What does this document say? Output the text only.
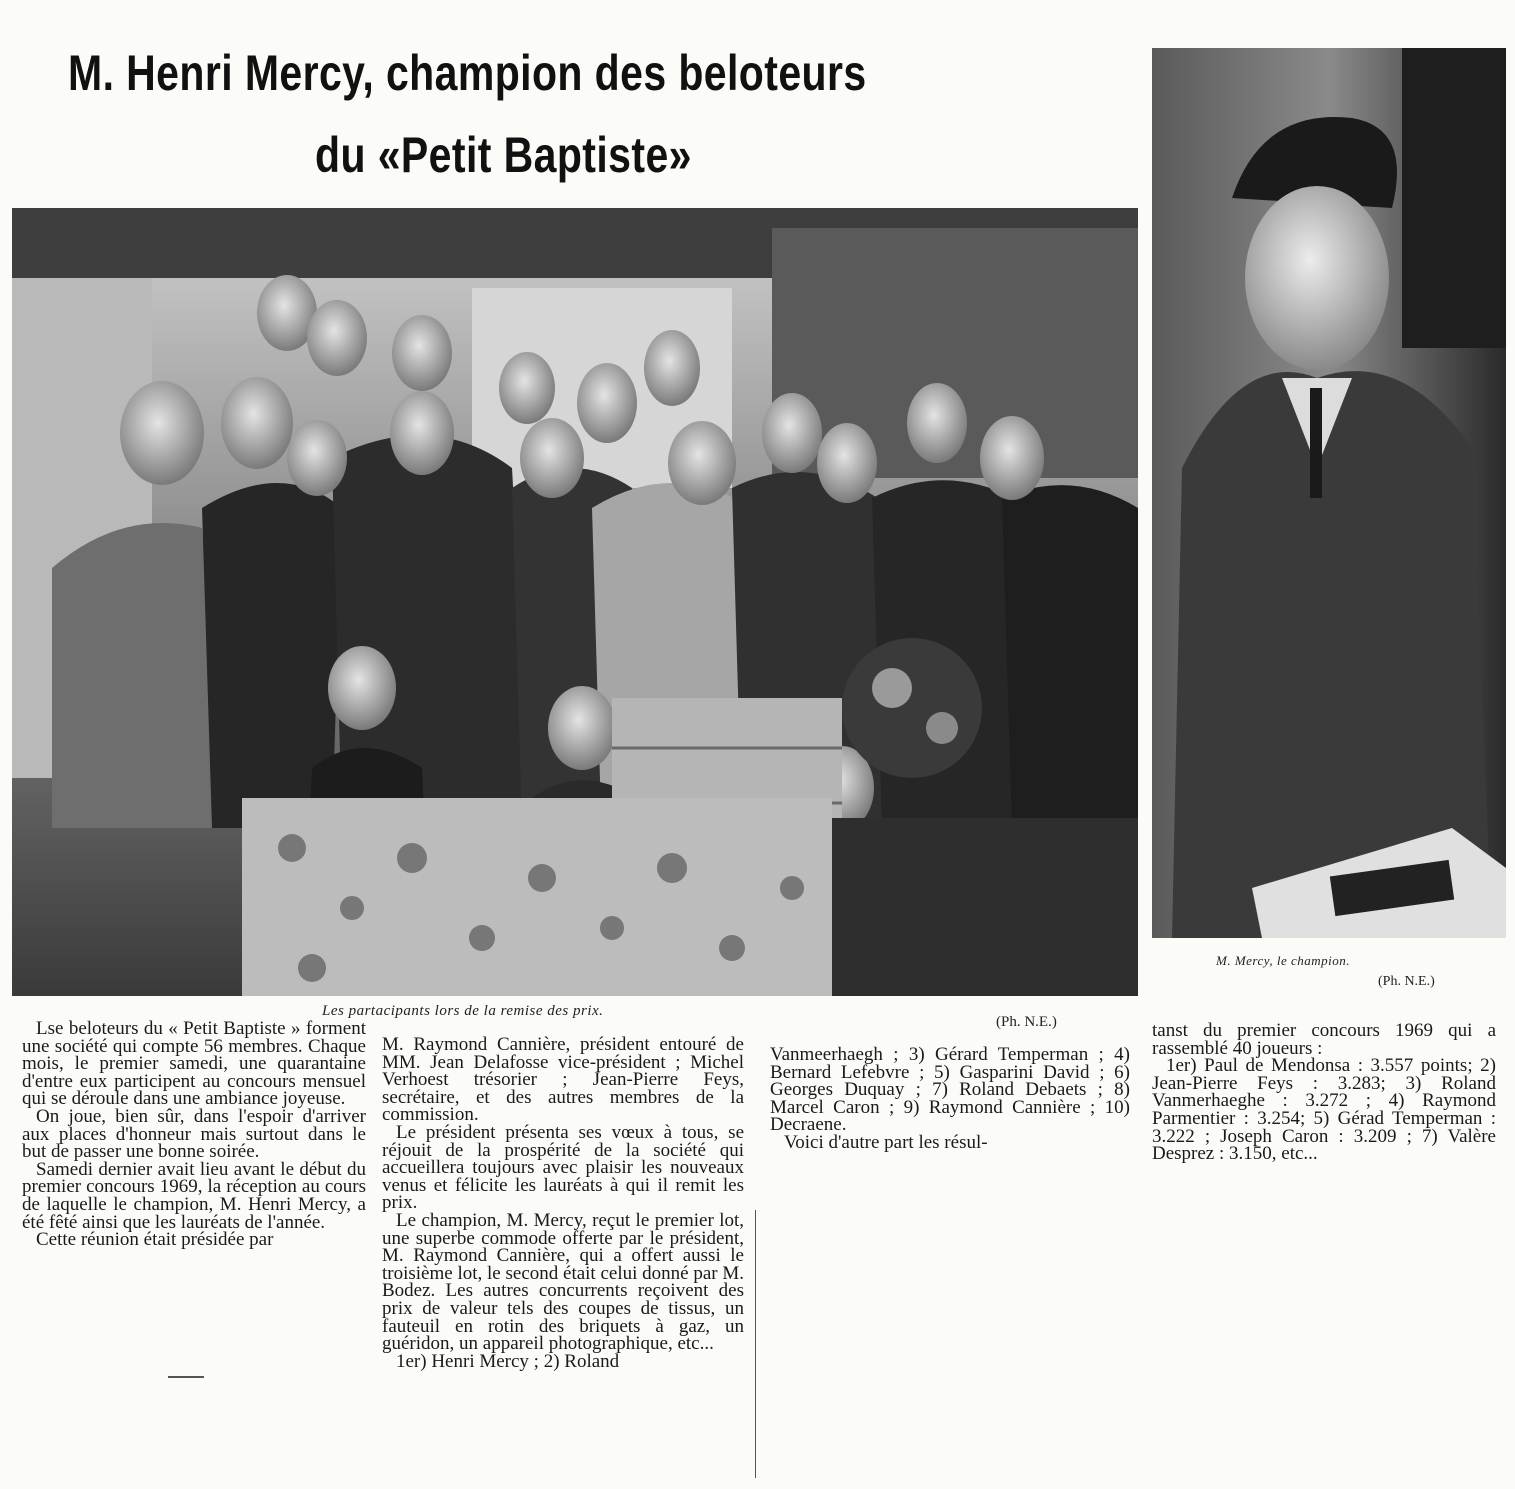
M. Henri Mercy, champion des beloteurs
du «Petit Baptiste»
Les partacipants lors de la remise des prix.
(Ph. N.E.)
M. Mercy, le champion.
(Ph. N.E.)

Lse beloteurs du « Petit Baptiste » forment une société qui compte 56 membres. Chaque mois, le premier samedi, une quarantaine d'entre eux participent au concours mensuel qui se déroule dans une ambiance joyeuse.

On joue, bien sûr, dans l'espoir d'arriver aux places d'honneur mais surtout dans le but de passer une bonne soirée.

Samedi dernier avait lieu avant le début du premier concours 1969, la réception au cours de laquelle le champion, M. Henri Mercy, a été fêté ainsi que les lauréats de l'année.

Cette réunion était présidée par

M. Raymond Cannière, président entouré de MM. Jean Delafosse vice-président ; Michel Verhoest trésorier ; Jean-Pierre Feys, secrétaire, et des autres membres de la commission.

Le président présenta ses vœux à tous, se réjouit de la prospérité de la société qui accueillera toujours avec plaisir les nouveaux venus et félicite les lauréats à qui il remit les prix.

Le champion, M. Mercy, reçut le premier lot, une superbe commode offerte par le président, M. Raymond Cannière, qui a offert aussi le troisième lot, le second était celui donné par M. Bodez. Les autres concurrents reçoivent des prix de valeur tels des coupes de tissus, un fauteuil en rotin des briquets à gaz, un guéridon, un appareil photographique, etc...

1er) Henri Mercy ; 2) Roland

Vanmeerhaegh ; 3) Gérard Temperman ; 4) Bernard Lefebvre ; 5) Gasparini David ; 6) Georges Duquay ; 7) Roland Debaets ; 8) Marcel Caron ; 9) Raymond Cannière ; 10) Decraene.

Voici d'autre part les résul-

tanst du premier concours 1969 qui a rassemblé 40 joueurs :

1er) Paul de Mendonsa : 3.557 points; 2) Jean-Pierre Feys : 3.283; 3) Roland Vanmerhaeghe : 3.272 ; 4) Raymond Parmentier : 3.254; 5) Gérad Temperman : 3.222 ; Joseph Caron : 3.209 ; 7) Valère Desprez : 3.150, etc...
